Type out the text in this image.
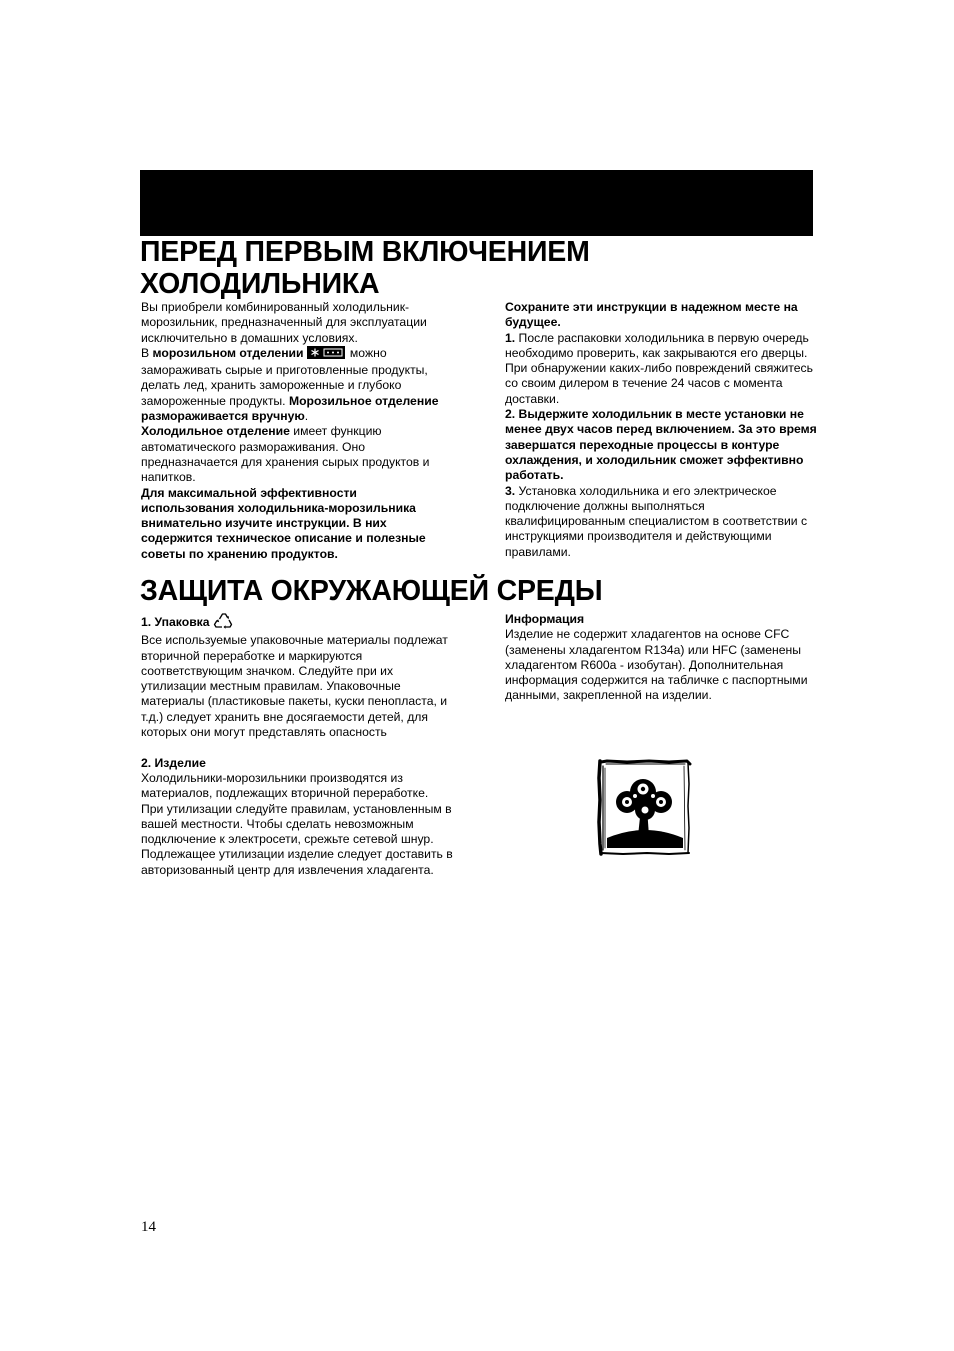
ПЕРЕД ПЕРВЫМ ВКЛЮЧЕНИЕМ
ХОЛОДИЛЬНИКА

Вы приобрели комбинированный холодильник-морозильник, предназначенный для эксплуатации исключительно в домашних условиях.

В морозильном отделении	можно замораживать сырые и приготовленные продукты, делать лед, хранить замороженные и глубоко замороженные продукты. Морозильное отделение размораживается вручную.

Холодильное отделение имеет функцию автоматического размораживания. Оно предназначается для хранения сырых продуктов и напитков.

Для максимальной эффективности использования холодильника-морозильника внимательно изучите инструкции. В них содержится техническое описание и полезные советы по хранению продуктов.

Сохраните эти инструкции в надежном месте на будущее.

1. После распаковки холодильника в первую очередь необходимо проверить, как закрываются его дверцы. При обнаружении каких-либо повреждений свяжитесь со своим дилером в течение 24 часов с момента доставки.

2. Выдержите холодильник в месте установки не менее двух часов перед включением. За это время завершатся переходные процессы в контуре охлаждения, и холодильник сможет эффективно работать.

3. Установка холодильника и его электрическое подключение должны выполняться квалифицированным специалистом в соответствии с инструкциями производителя и действующими правилами.

ЗАЩИТА ОКРУЖАЮЩЕЙ СРЕДЫ

1. Упаковка

Все используемые упаковочные материалы подлежат вторичной переработке и маркируются соответствующим значком. Следуйте при их утилизации местным правилам. Упаковочные материалы (пластиковые пакеты, куски пенопласта, и т.д.) следует хранить вне досягаемости детей, для которых они могут представлять опасность

2. Изделие

Холодильники-морозильники производятся из материалов, подлежащих вторичной переработке. При утилизации следуйте правилам, установленным в вашей местности. Чтобы сделать невозможным подключение к электросети, срежьте сетевой шнур. Подлежащее утилизации изделие следует доставить в авторизованный центр для извлечения хладагента.

Информация

Изделие не содержит хладагентов на основе CFC (заменены хладагентом R134a) или HFC (заменены хладагентом R600a - изобутан). Дополнительная информация содержится на табличке с паспортными данными, закрепленной на изделии.

14
